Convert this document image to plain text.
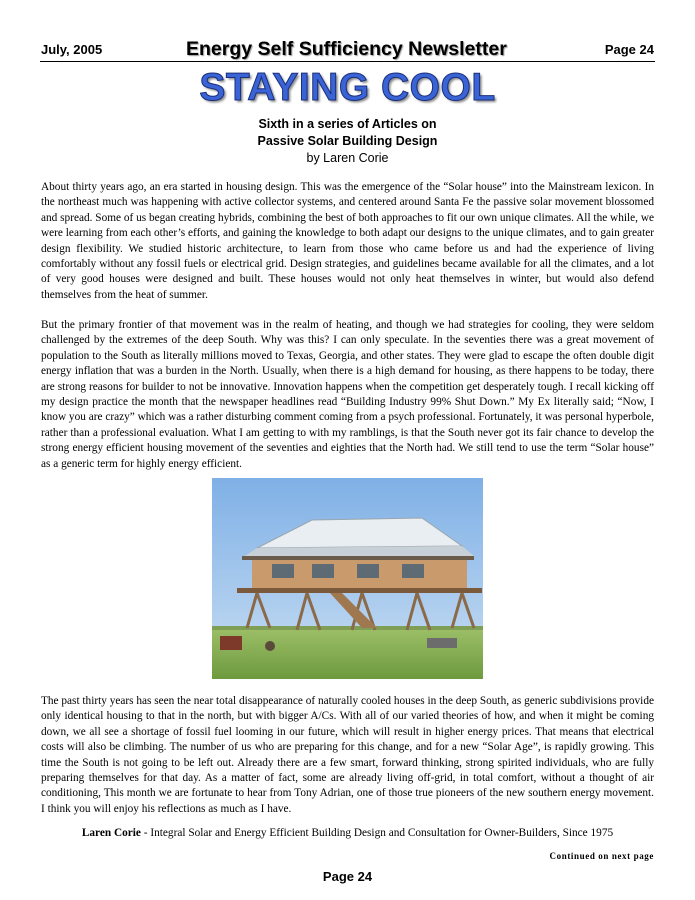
July, 2005	Energy Self Sufficiency Newsletter	Page 24
STAYING COOL
Sixth in a series of Articles on
Passive Solar Building Design
by Laren Corie

About thirty years ago, an era started in housing design. This was the emergence of the “Solar house” into the Mainstream lexicon. In the northeast much was happening with active collector systems, and centered around Santa Fe the passive solar movement blossomed and spread. Some of us began creating hybrids, combining the best of both approaches to fit our own unique climates. All the while, we were learning from each other’s efforts, and gaining the knowledge to both adapt our designs to the unique climates, and to gain greater design flexibility. We studied historic architecture, to learn from those who came before us and had the experience of living comfortably without any fossil fuels or electrical grid. Design strategies, and guidelines became available for all the climates, and a lot of very good houses were designed and built. These houses would not only heat themselves in winter, but would also defend themselves from the heat of summer.

But the primary frontier of that movement was in the realm of heating, and though we had strategies for cooling, they were seldom challenged by the extremes of the deep South. Why was this? I can only speculate. In the seventies there was a great movement of population to the South as literally millions moved to Texas, Georgia, and other states. They were glad to escape the often double digit energy inflation that was a burden in the North. Usually, when there is a high demand for housing, as there happens to be today, there are strong reasons for builder to not be innovative. Innovation happens when the competition get desperately tough. I recall kicking off my design practice the month that the newspaper headlines read “Building Industry 99% Shut Down.” My Ex literally said; “Now, I know you are crazy” which was a rather disturbing comment coming from a psych professional. Fortunately, it was personal hyperbole, rather than a professional evaluation. What I am getting to with my ramblings, is that the South never got its fair chance to develop the strong energy efficient housing movement of the seventies and eighties that the North had. We still tend to use the term “Solar house” as a generic term for highly energy efficient.

The past thirty years has seen the near total disappearance of naturally cooled houses in the deep South, as generic subdivisions provide only identical housing to that in the north, but with bigger A/Cs. With all of our varied theories of how, and when it might be coming down, we all see a shortage of fossil fuel looming in our future, which will result in higher energy prices. That means that electrical costs will also be climbing. The number of us who are preparing for this change, and for a new “Solar Age”, is rapidly growing. This time the South is not going to be left out. Already there are a few smart, forward thinking, strong spirited individuals, who are fully preparing themselves for that day. As a matter of fact, some are already living off-grid, in total comfort, without a thought of air conditioning, This month we are fortunate to hear from Tony Adrian, one of those true pioneers of the new southern energy movement. I think you will enjoy his reflections as much as I have.

Laren Corie - Integral Solar and Energy Efficient Building Design and Consultation for Owner-Builders, Since 1975
Continued on next page
Page 24
